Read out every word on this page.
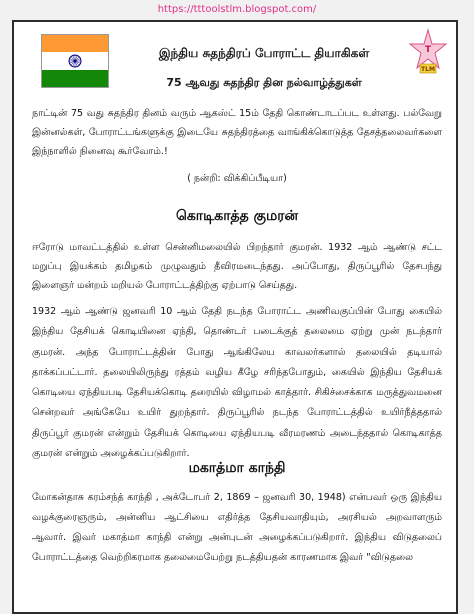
https://tttoolstlm.blogspot.com/
T
TLM
இந்திய சுதந்திரப் போராட்ட தியாகிகள்
75 ஆவது சுதந்திர தின நல்வாழ்த்துகள்

நாட்டின் 75 வது சுதந்திர தினம் வரும் ஆகஸ்ட் 15ம் தேதி கொண்டாடப்பட உள்ளது. பல்வேறு இன்னல்கள், போராட்டங்களுக்கு இடையே சுதந்திரத்தை வாங்கிக்கொடுத்த தேசத்தலைவர்களை இந்நாளில் நினைவு கூர்வோம்.!

( நன்றி: விக்கிப்பீடியா)
கொடிகாத்த குமரன்

ஈரோடு மாவட்டத்தில் உள்ள சென்னிமலையில் பிறந்தார் குமரன். 1932 ஆம் ஆண்டு சட்ட மறுப்பு இயக்கம் தமிழகம் முழுவதும் தீவிரமடைந்தது. அப்போது, திருப்பூரில் தேசபந்து இளைஞர் மன்றம் மறியல் போராட்டத்திற்கு ஏற்பாடு செய்தது.

1932 ஆம் ஆண்டு ஜனவரி 10 ஆம் தேதி நடந்த போராட்ட அணிவகுப்பின் போது கையில் இந்திய தேசியக் கொடியினை ஏந்தி, தொண்டர் படைக்குத் தலைமை ஏற்று முன் நடந்தார் குமரன். அந்த போராட்டத்தின் போது ஆங்கிலேய காவலர்களால் தலையில் தடியால் தாக்கப்பட்டார். தலையிலிருந்து ரத்தம் வழிய கீழே சரிந்தபோதும், கையில் இந்திய தேசியக் கொடியை ஏந்தியபடி தேசியக்கொடி தரையில் விழாமல் காத்தார். சிகிச்சைக்காக மருத்துவமனை சென்றவர் அங்கேயே உயிர் துறந்தார். திருப்பூரில் நடந்த போராட்டத்தில் உயிர்நீத்ததால் திருப்பூர் குமரன் என்றும் தேசியக் கொடியை ஏந்தியபடி வீரமரணம் அடைந்ததால் கொடிகாத்த குமரன் என்றும் அழைக்கப்படுகிறார்.

மகாத்மா காந்தி

மோகன்தாசு கரம்சந்த் காந்தி , அக்டோபர் 2, 1869 – ஜனவரி 30, 1948) என்பவர் ஒரு இந்திய வழக்குரைஞரும், அன்னிய ஆட்சியை எதிர்த்த தேசியவாதியும், அரசியல் அறவாளரும் ஆவார். இவர் மகாத்மா காந்தி என்று அன்புடன் அழைக்கப்படுகிறார். இந்திய விடுதலைப் போராட்டத்தை வெற்றிகரமாக தலைமையேற்று நடத்தியதன் காரணமாக இவர் "விடுதலை
